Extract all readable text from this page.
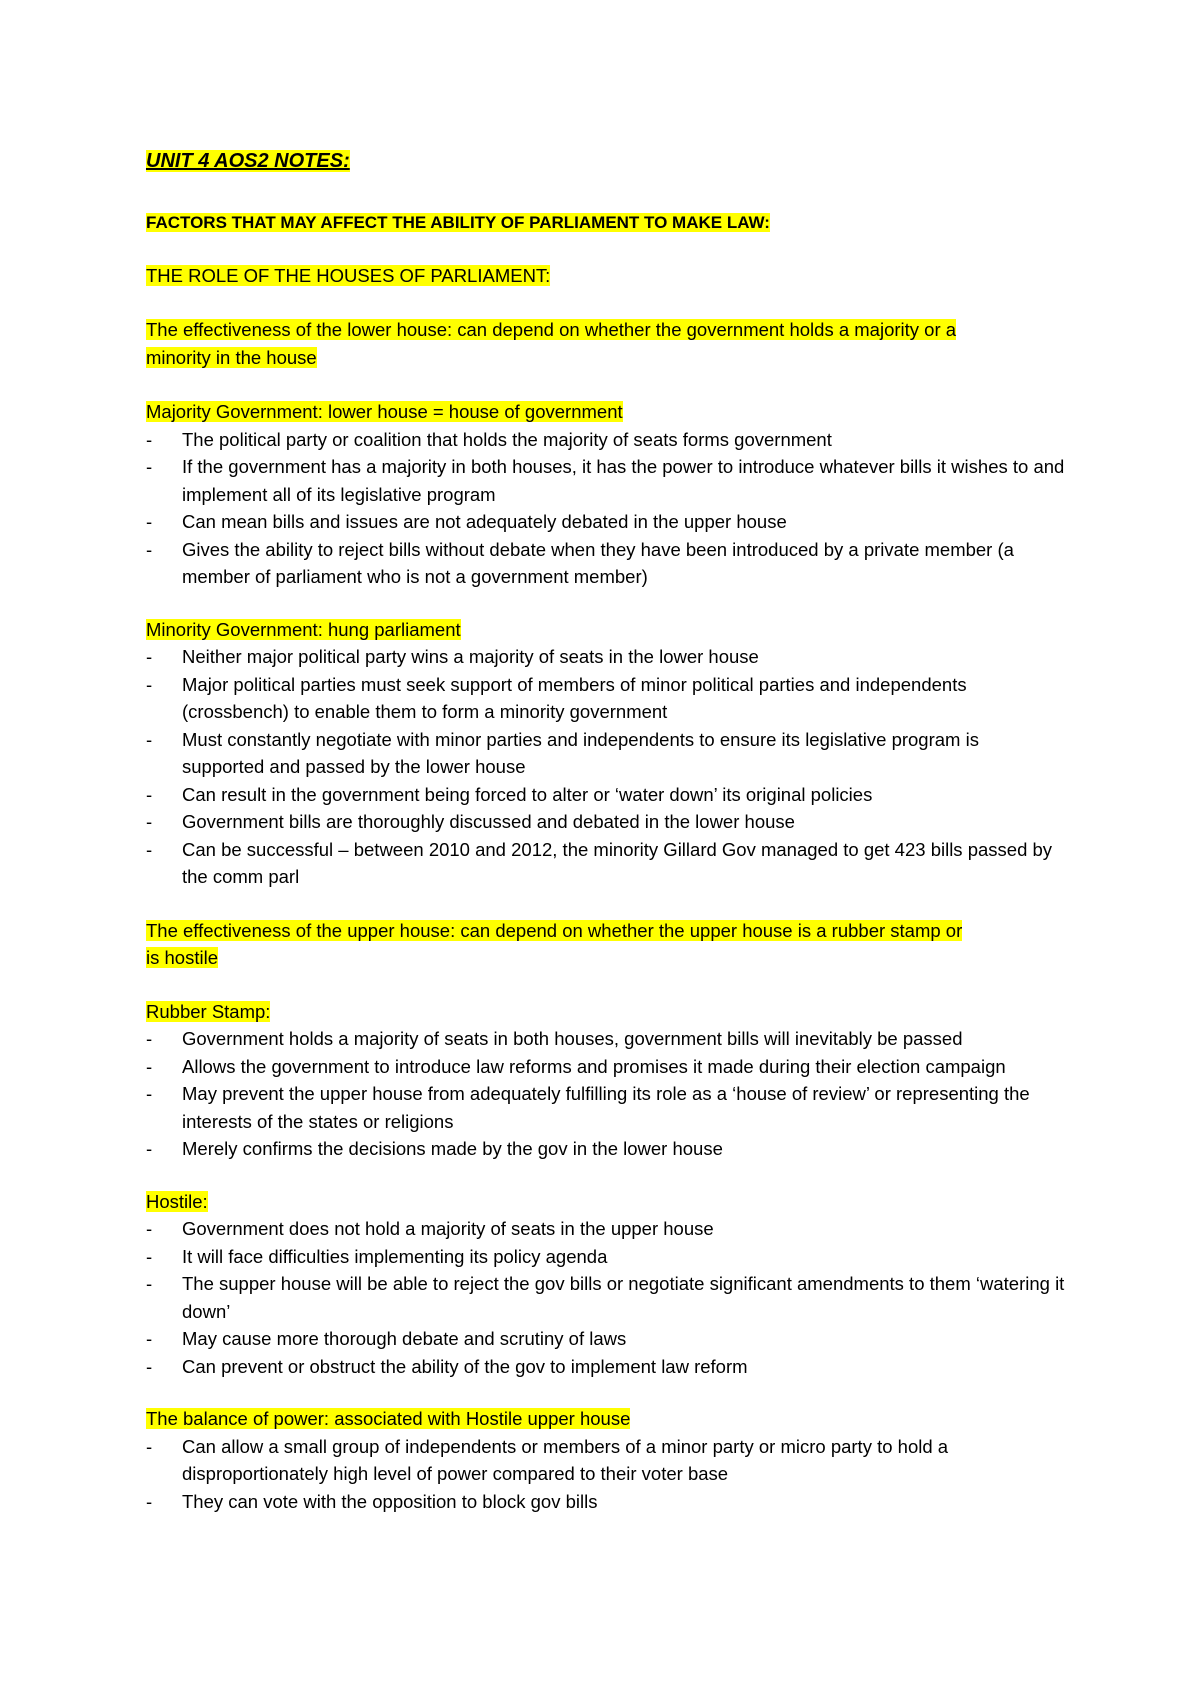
UNIT 4 AOS2 NOTES:

FACTORS THAT MAY AFFECT THE ABILITY OF PARLIAMENT TO MAKE LAW:

THE ROLE OF THE HOUSES OF PARLIAMENT:

The effectiveness of the lower house: can depend on whether the government holds a majority or a
minority in the house

Majority Government: lower house = house of government

- The political party or coalition that holds the majority of seats forms government
- If the government has a majority in both houses, it has the power to introduce whatever bills it wishes to and implement all of its legislative program
- Can mean bills and issues are not adequately debated in the upper house
- Gives the ability to reject bills without debate when they have been introduced by a private member (a member of parliament who is not a government member)

Minority Government: hung parliament

- Neither major political party wins a majority of seats in the lower house
- Major political parties must seek support of members of minor political parties and independents (crossbench) to enable them to form a minority government
- Must constantly negotiate with minor parties and independents to ensure its legislative program is supported and passed by the lower house
- Can result in the government being forced to alter or ‘water down’ its original policies
- Government bills are thoroughly discussed and debated in the lower house
- Can be successful – between 2010 and 2012, the minority Gillard Gov managed to get 423 bills passed by the comm parl

The effectiveness of the upper house: can depend on whether the upper house is a rubber stamp or
is hostile

Rubber Stamp:

- Government holds a majority of seats in both houses, government bills will inevitably be passed
- Allows the government to introduce law reforms and promises it made during their election campaign
- May prevent the upper house from adequately fulfilling its role as a ‘house of review’ or representing the interests of the states or religions
- Merely confirms the decisions made by the gov in the lower house

Hostile:

- Government does not hold a majority of seats in the upper house
- It will face difficulties implementing its policy agenda
- The supper house will be able to reject the gov bills or negotiate significant amendments to them ‘watering it down’
- May cause more thorough debate and scrutiny of laws
- Can prevent or obstruct the ability of the gov to implement law reform

The balance of power: associated with Hostile upper house

- Can allow a small group of independents or members of a minor party or micro party to hold a disproportionately high level of power compared to their voter base
- They can vote with the opposition to block gov bills
